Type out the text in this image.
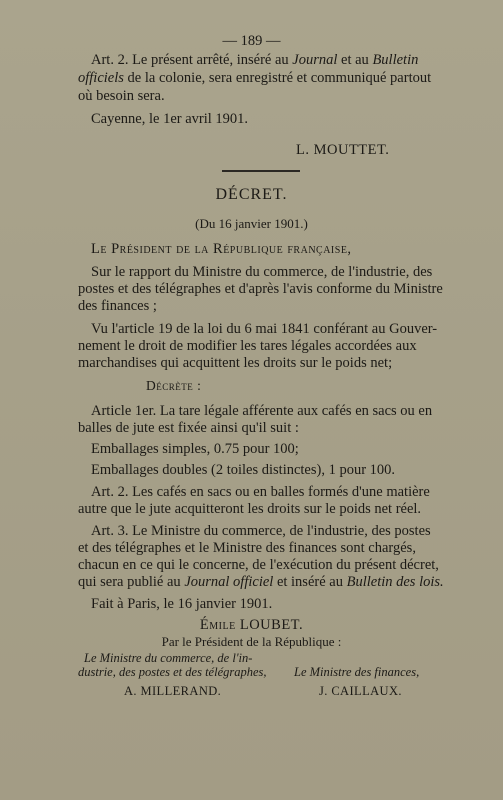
— 189 —
Art. 2. Le présent arrêté, inséré au Journal et au Bulletin
officiels de la colonie, sera enregistré et communiqué partout
où besoin sera.
Cayenne, le 1er avril 1901.
L. MOUTTET.
DÉCRET.
(Du 16 janvier 1901.)
Le Président de la République française,
Sur le rapport du Ministre du commerce, de l'industrie, des
postes et des télégraphes et d'après l'avis conforme du Ministre
des finances ;
Vu l'article 19 de la loi du 6 mai 1841 conférant au Gouver-
nement le droit de modifier les tares légales accordées aux
marchandises qui acquittent les droits sur le poids net;
Décrète :
Article 1er. La tare légale afférente aux cafés en sacs ou en
balles de jute est fixée ainsi qu'il suit :
Emballages simples, 0.75 pour 100;
Emballages doubles (2 toiles distinctes), 1 pour 100.
Art. 2. Les cafés en sacs ou en balles formés d'une matière
autre que le jute acquitteront les droits sur le poids net réel.
Art. 3. Le Ministre du commerce, de l'industrie, des postes
et des télégraphes et le Ministre des finances sont chargés,
chacun en ce qui le concerne, de l'exécution du présent décret,
qui sera publié au Journal officiel et inséré au Bulletin des lois.
Fait à Paris, le 16 janvier 1901.
Émile LOUBET.
Par le Président de la République :
Le Ministre du commerce, de l'in-
dustrie, des postes et des télégraphes, Le Ministre des finances,
A. MILLERAND.	J. CAILLAUX.
